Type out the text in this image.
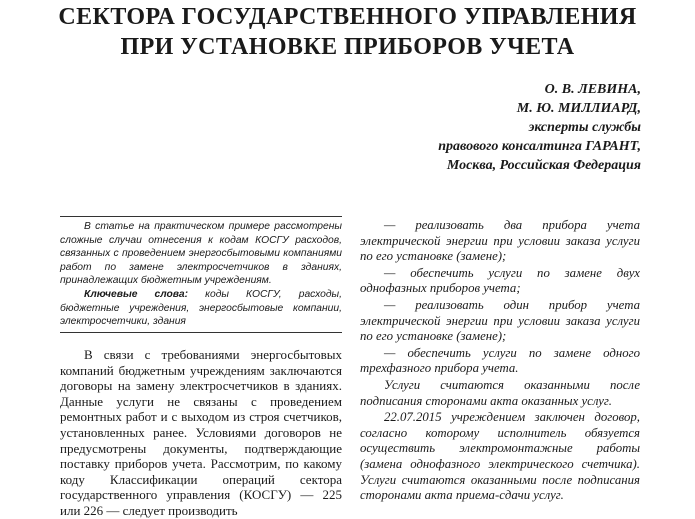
СЕКТОРА ГОСУДАРСТВЕННОГО УПРАВЛЕНИЯ
ПРИ УСТАНОВКЕ ПРИБОРОВ УЧЕТА
О. В. ЛЕВИНА,
М. Ю. МИЛЛИАРД,
эксперты службы
правового консалтинга ГАРАНТ,
Москва, Российская Федерация

В статье на практическом примере рассмотрены сложные случаи отнесения к кодам КОСГУ расходов, связанных с проведением энергосбытовыми компаниями работ по замене электросчетчиков в зданиях, принадлежащих бюджетным учреждениям.

Ключевые слова: коды КОСГУ, расходы, бюджетные учреждения, энергосбытовые компании, электросчетчики, здания

В связи с требованиями энергосбытовых компаний бюджетным учреждениям заключаются договоры на замену электросчетчиков в зданиях. Данные услуги не связаны с проведением ремонтных работ и с выходом из строя счетчиков, установленных ранее. Условиями договоров не предусмотрены документы, подтверждающие поставку приборов учета. Рассмотрим, по какому коду Классификации операций сектора государственного управления (КОСГУ) — 225 или 226 — следует производить

— реализовать два прибора учета электрической энергии при условии заказа услуги по его установке (замене);

— обеспечить услуги по замене двух однофазных приборов учета;

— реализовать один прибор учета электрической энергии при условии заказа услуги по его установке (замене);

— обеспечить услуги по замене одного трехфазного прибора учета.

Услуги считаются оказанными после подписания сторонами акта оказанных услуг.

22.07.2015 учреждением заключен договор, согласно которому исполнитель обязуется осуществить электромонтажные работы (замена однофазного электрического счетчика). Услуги считаются оказанными после подписания сторонами акта приема-сдачи услуг.
